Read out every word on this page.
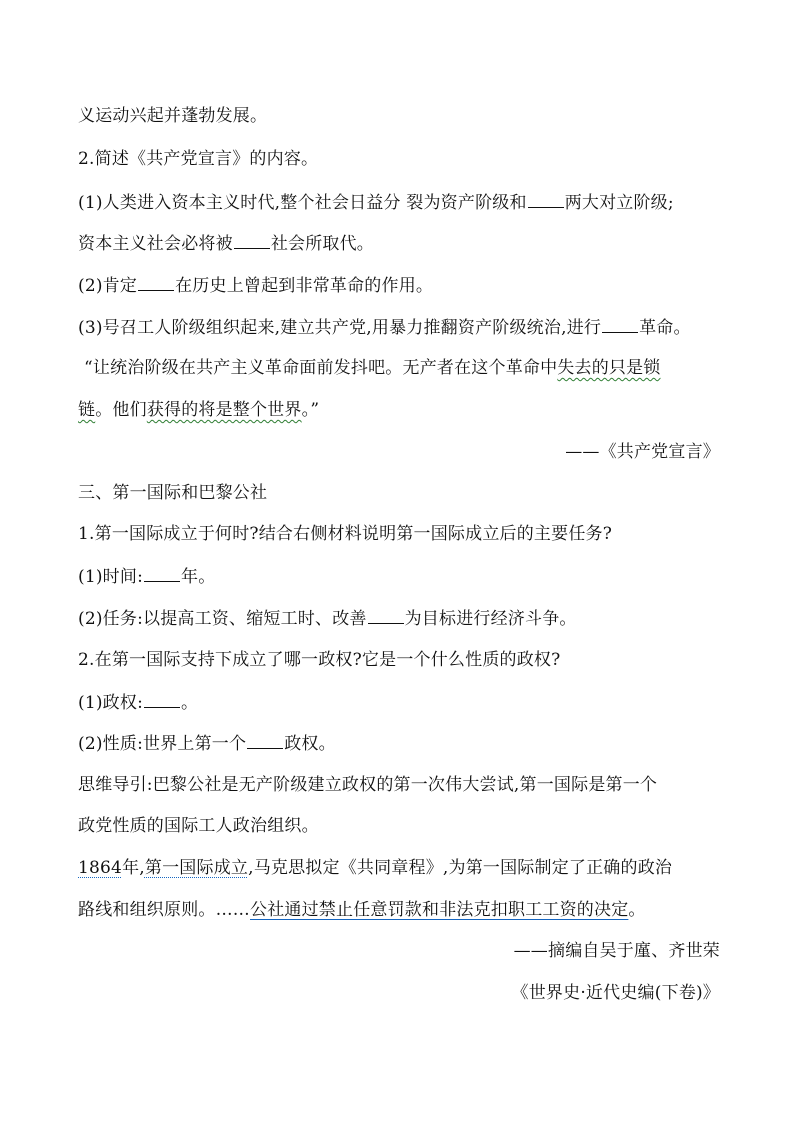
义运动兴起并蓬勃发展。
2.简述《共产党宣言》的内容。
(1)人类进入资本主义时代,整个社会日益分 裂为资产阶级和 两大对立阶级;
资本主义社会必将被 社会所取代。
(2)肯定 在历史上曾起到非常革命的作用。
(3)号召工人阶级组织起来,建立共产党,用暴力推翻资产阶级统治,进行 革命。
“让统治阶级在共产主义革命面前发抖吧。无产者在这个革命中失去的只是锁
链。他们获得的将是整个世界。”
——《共产党宣言》
三、第一国际和巴黎公社
1.第一国际成立于何时?结合右侧材料说明第一国际成立后的主要任务?
(1)时间: 年。
(2)任务:以提高工资、缩短工时、改善 为目标进行经济斗争。
2.在第一国际支持下成立了哪一政权?它是一个什么性质的政权?
(1)政权: 。
(2)性质:世界上第一个 政权。
思维导引:巴黎公社是无产阶级建立政权的第一次伟大尝试,第一国际是第一个
政党性质的国际工人政治组织。
1864年,第一国际成立,马克思拟定《共同章程》,为第一国际制定了正确的政治
路线和组织原则。……公社通过禁止任意罚款和非法克扣职工工资的决定。
——摘编自吴于廑、齐世荣
《世界史·近代史编(下卷)》
